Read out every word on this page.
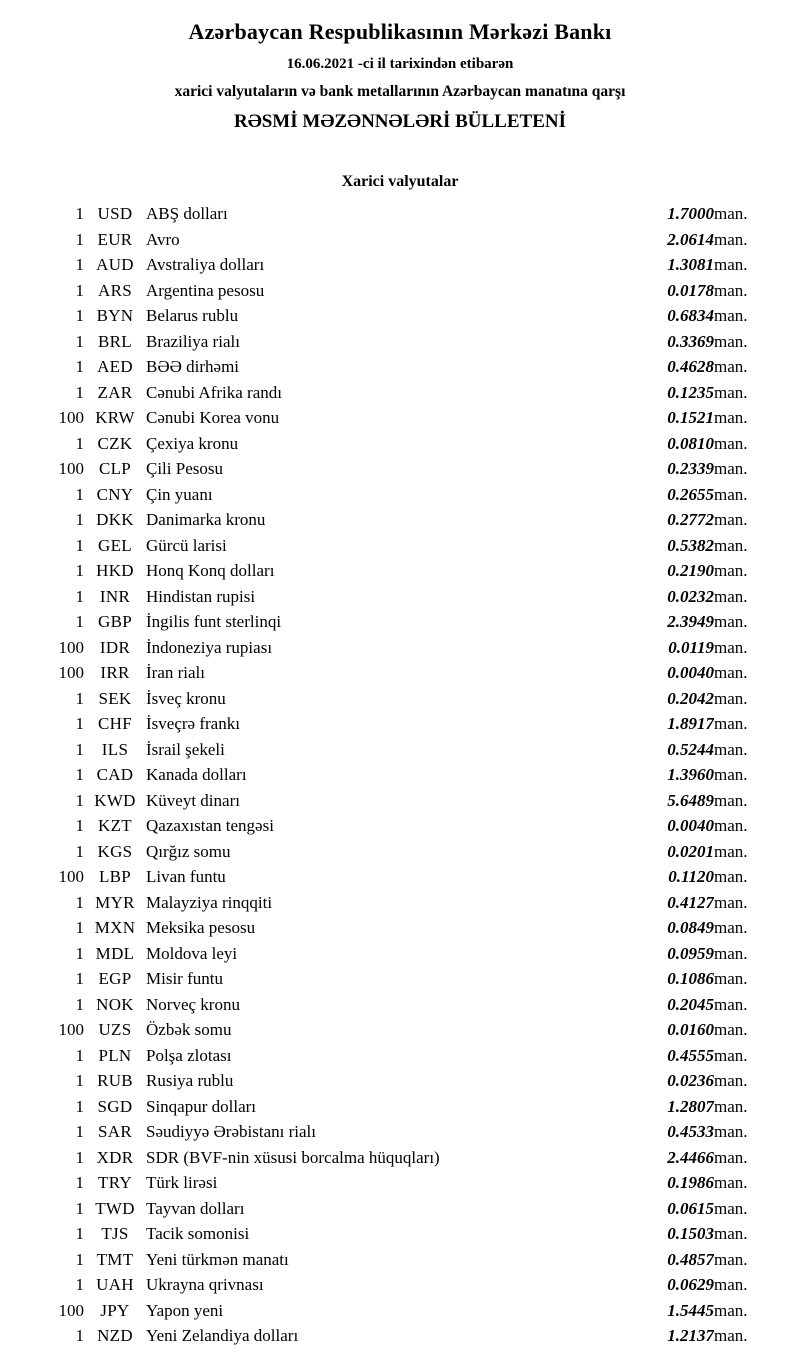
Azərbaycan Respublikasının Mərkəzi Bankı
16.06.2021 -ci il tarixindən etibarən
xarici valyutaların və bank metallarının Azərbaycan manatına qarşı
RƏSMİ MƏZƏNNƏLƏRİ BÜLLETENİ
Xarici valyutalar
1	USD	ABŞ dolları	1.7000	man.
1	EUR	Avro	2.0614	man.
1	AUD	Avstraliya dolları	1.3081	man.
1	ARS	Argentina pesosu	0.0178	man.
1	BYN	Belarus rublu	0.6834	man.
1	BRL	Braziliya rialı	0.3369	man.
1	AED	BƏƏ dirhəmi	0.4628	man.
1	ZAR	Cənubi Afrika randı	0.1235	man.
100	KRW	Cənubi Korea vonu	0.1521	man.
1	CZK	Çexiya kronu	0.0810	man.
100	CLP	Çili Pesosu	0.2339	man.
1	CNY	Çin yuanı	0.2655	man.
1	DKK	Danimarka kronu	0.2772	man.
1	GEL	Gürcü larisi	0.5382	man.
1	HKD	Honq Konq dolları	0.2190	man.
1	INR	Hindistan rupisi	0.0232	man.
1	GBP	İngilis funt sterlinqi	2.3949	man.
100	IDR	İndoneziya rupiası	0.0119	man.
100	IRR	İran rialı	0.0040	man.
1	SEK	İsveç kronu	0.2042	man.
1	CHF	İsveçrə frankı	1.8917	man.
1	ILS	İsrail şekeli	0.5244	man.
1	CAD	Kanada dolları	1.3960	man.
1	KWD	Küveyt dinarı	5.6489	man.
1	KZT	Qazaxıstan tengəsi	0.0040	man.
1	KGS	Qırğız somu	0.0201	man.
100	LBP	Livan funtu	0.1120	man.
1	MYR	Malayziya rinqqiti	0.4127	man.
1	MXN	Meksika pesosu	0.0849	man.
1	MDL	Moldova leyi	0.0959	man.
1	EGP	Misir funtu	0.1086	man.
1	NOK	Norveç kronu	0.2045	man.
100	UZS	Özbək somu	0.0160	man.
1	PLN	Polşa zlotası	0.4555	man.
1	RUB	Rusiya rublu	0.0236	man.
1	SGD	Sinqapur dolları	1.2807	man.
1	SAR	Səudiyyə Ərəbistanı rialı	0.4533	man.
1	XDR	SDR (BVF-nin xüsusi borcalma hüquqları)	2.4466	man.
1	TRY	Türk lirəsi	0.1986	man.
1	TWD	Tayvan dolları	0.0615	man.
1	TJS	Tacik somonisi	0.1503	man.
1	TMT	Yeni türkmən manatı	0.4857	man.
1	UAH	Ukrayna qrivnası	0.0629	man.
100	JPY	Yapon yeni	1.5445	man.
1	NZD	Yeni Zelandiya dolları	1.2137	man.
